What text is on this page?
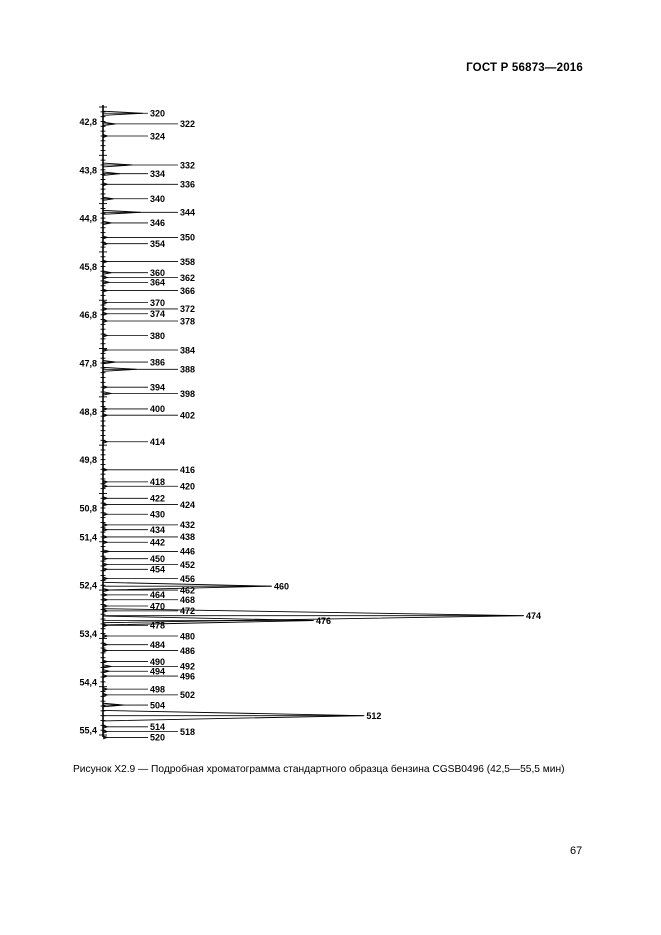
ГОСТ Р 56873—2016
42,8
43,8
44,8
45,8
46,8
47,8
48,8
49,8
50,8
51,4
52,4
53,4
54,4
55,4
320
322
324
332
334
336
340
344
346
350
354
358
360 362
364
366
370
372
374
378
380
384
386
388
394
398
400
402
414
416
418 420
422
424
430
432
434
438
442
446
450
452
454
456
460
462
464 468
470 472	474
476
478
480
484
486
490 492
494 496
498
502
504
512
514 518
520
Рисунок Х2.9 — Подробная хроматограмма стандартного образца бензина CGSB0496 (42,5—55,5 мин)
67
